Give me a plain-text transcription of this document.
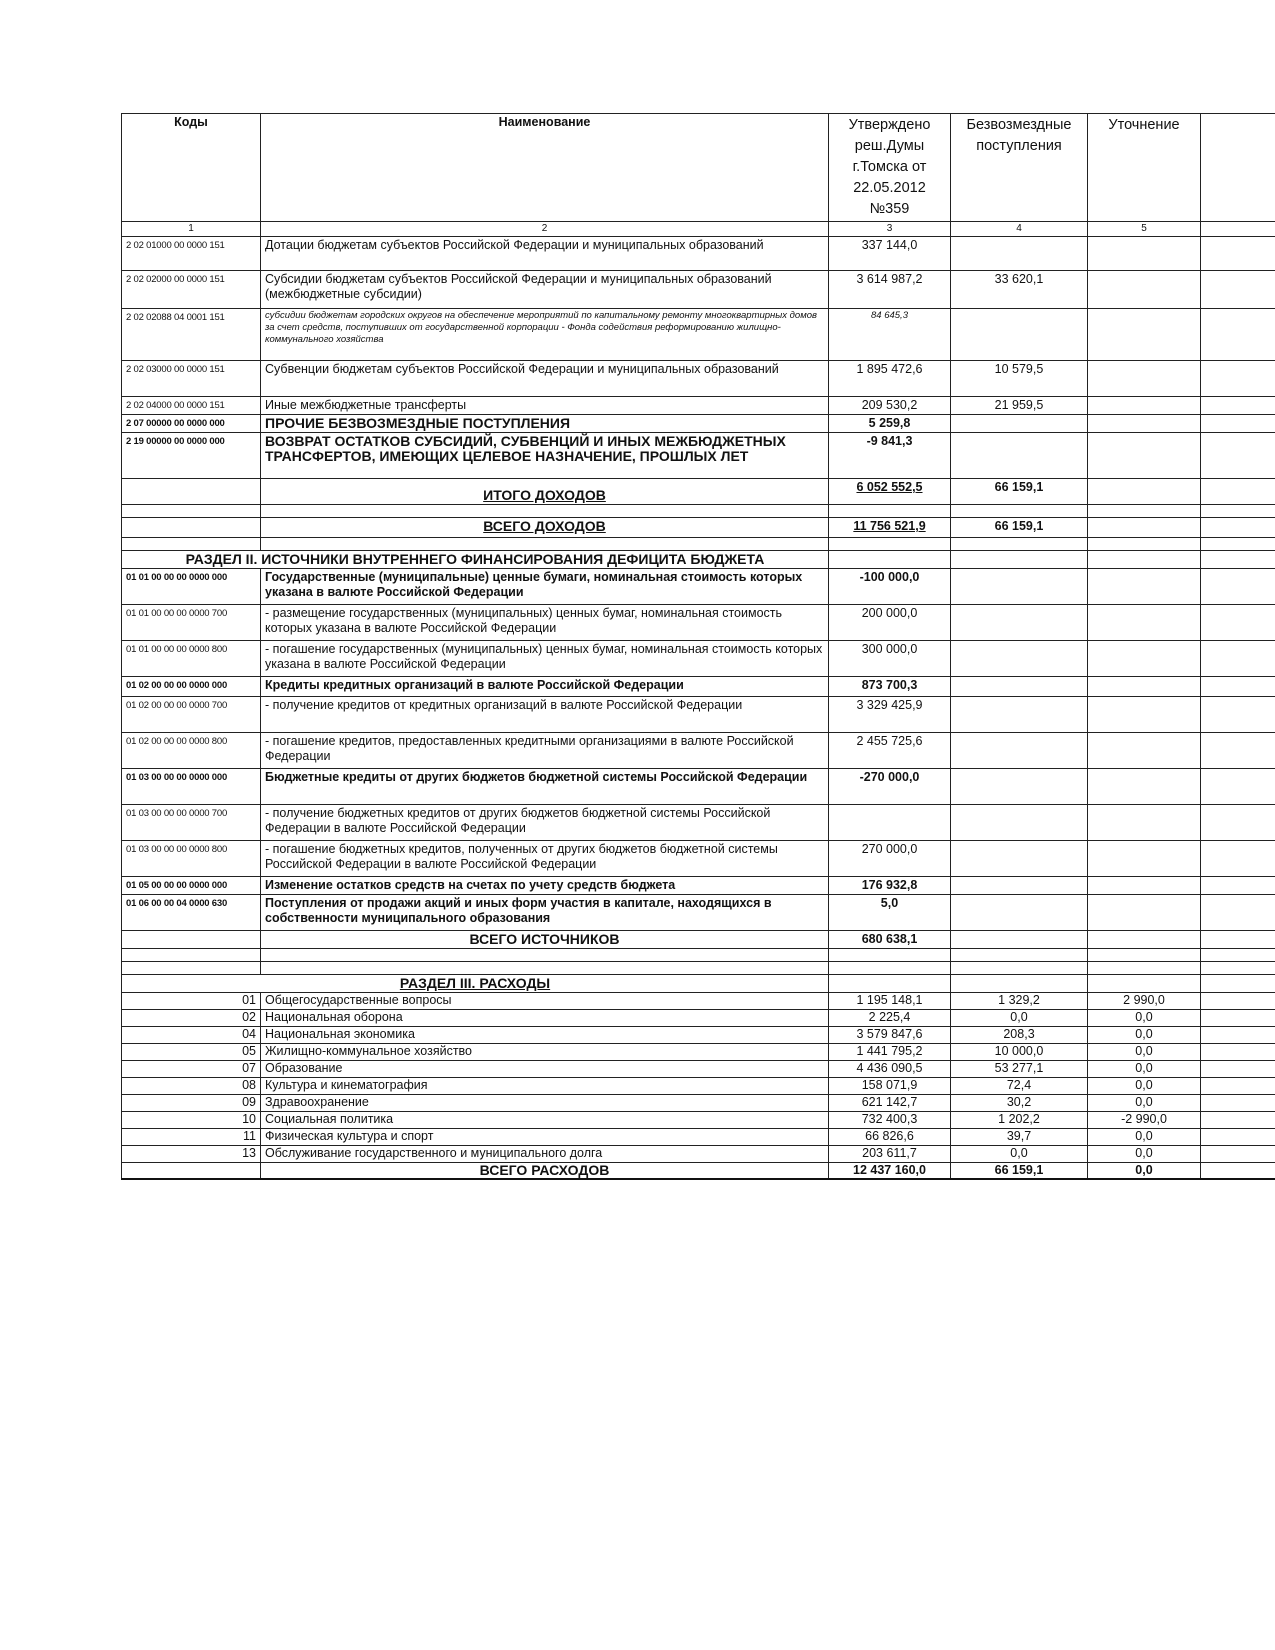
Коды	Наименование	Утверждено реш.Думы г.Томска от 22.05.2012 №359	Безвозмездные поступления	Уточнение	
1	2	3	4	5	
2 02 01000 00 0000 151	Дотации бюджетам субъектов Российской Федерации и муниципальных образований	337 144,0			
2 02 02000 00 0000 151	Субсидии бюджетам субъектов Российской Федерации и муниципальных образований (межбюджетные субсидии)	3 614 987,2	33 620,1		
2 02 02088 04 0001 151	субсидии бюджетам городских округов на обеспечение мероприятий по капитальному ремонту многоквартирных домов за счет средств, поступивших от государственной корпорации - Фонда содействия реформированию жилищно-коммунального хозяйства	84 645,3			
2 02 03000 00 0000 151	Субвенции бюджетам субъектов Российской Федерации и муниципальных образований	1 895 472,6	10 579,5		
2 02 04000 00 0000 151	Иные межбюджетные трансферты	209 530,2	21 959,5		
2 07 00000 00 0000 000	ПРОЧИЕ БЕЗВОЗМЕЗДНЫЕ ПОСТУПЛЕНИЯ	5 259,8			
2 19 00000 00 0000 000	ВОЗВРАТ ОСТАТКОВ СУБСИДИЙ, СУБВЕНЦИЙ И ИНЫХ МЕЖБЮДЖЕТНЫХ ТРАНСФЕРТОВ, ИМЕЮЩИХ ЦЕЛЕВОЕ НАЗНАЧЕНИЕ, ПРОШЛЫХ ЛЕТ	-9 841,3			
	ИТОГО ДОХОДОВ	6 052 552,5	66 159,1		

	ВСЕГО ДОХОДОВ	11 756 521,9	66 159,1		

РАЗДЕЛ II. ИСТОЧНИКИ ВНУТРЕННЕГО ФИНАНСИРОВАНИЯ ДЕФИЦИТА БЮДЖЕТА					
01 01 00 00 00 0000 000	Государственные (муниципальные) ценные бумаги, номинальная стоимость которых указана в валюте Российской Федерации	-100 000,0			
01 01 00 00 00 0000 700	- размещение государственных (муниципальных) ценных бумаг, номинальная стоимость которых указана в валюте Российской Федерации	200 000,0			
01 01 00 00 00 0000 800	- погашение государственных (муниципальных) ценных бумаг, номинальная стоимость которых указана в валюте Российской Федерации	300 000,0			
01 02 00 00 00 0000 000	Кредиты кредитных организаций в валюте Российской Федерации	873 700,3			
01 02 00 00 00 0000 700	- получение кредитов от кредитных организаций в валюте Российской Федерации	3 329 425,9			
01 02 00 00 00 0000 800	- погашение кредитов, предоставленных кредитными организациями в валюте Российской Федерации	2 455 725,6			
01 03 00 00 00 0000 000	Бюджетные кредиты от других бюджетов бюджетной системы Российской Федерации	-270 000,0			
01 03 00 00 00 0000 700	- получение бюджетных кредитов от других бюджетов бюджетной системы Российской Федерации в валюте Российской Федерации				
01 03 00 00 00 0000 800	- погашение бюджетных кредитов, полученных от других бюджетов бюджетной системы Российской Федерации в валюте Российской Федерации	270 000,0			
01 05 00 00 00 0000 000	Изменение остатков средств на счетах по учету средств бюджета	176 932,8			
01 06 00 00 04 0000 630	Поступления от продажи акций и иных форм участия в капитале, находящихся в собственности муниципального образования	5,0			
	ВСЕГО ИСТОЧНИКОВ	680 638,1			

РАЗДЕЛ III. РАСХОДЫ					
01	Общегосударственные вопросы	1 195 148,1	1 329,2	2 990,0	
02	Национальная оборона	2 225,4	0,0	0,0	
04	Национальная экономика	3 579 847,6	208,3	0,0	
05	Жилищно-коммунальное хозяйство	1 441 795,2	10 000,0	0,0	
07	Образование	4 436 090,5	53 277,1	0,0	
08	Культура и кинематография	158 071,9	72,4	0,0	
09	Здравоохранение	621 142,7	30,2	0,0	
10	Социальная политика	732 400,3	1 202,2	-2 990,0	
11	Физическая культура и спорт	66 826,6	39,7	0,0	
13	Обслуживание государственного и муниципального долга	203 611,7	0,0	0,0	
	ВСЕГО РАСХОДОВ	12 437 160,0	66 159,1	0,0	
